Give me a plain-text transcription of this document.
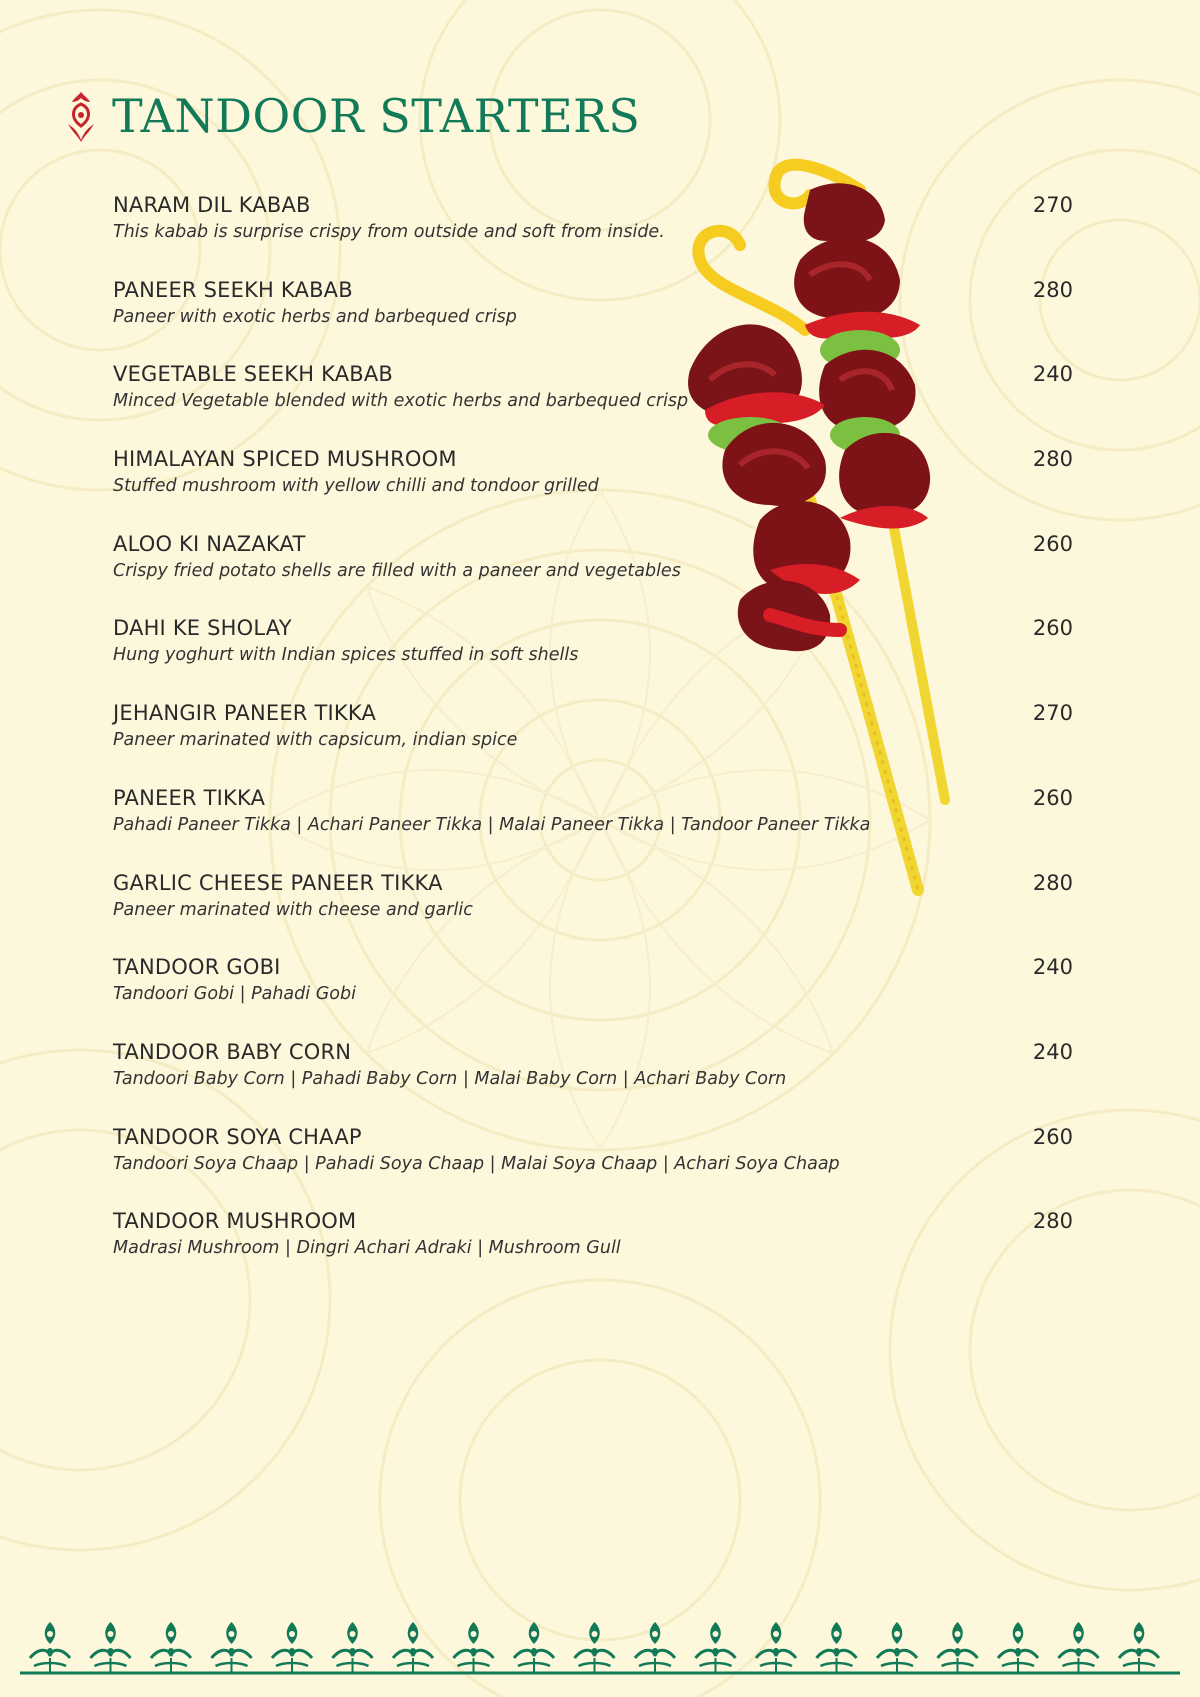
TANDOOR STARTERS
NARAM DIL KABAB
This kabab is surprise crispy from outside and soft from inside.
270
PANEER SEEKH KABAB
Paneer with exotic herbs and barbequed crisp
280
VEGETABLE SEEKH KABAB
Minced Vegetable blended with exotic herbs and barbequed crisp
240
HIMALAYAN SPICED MUSHROOM
Stuffed mushroom with yellow chilli and tondoor grilled
280
ALOO KI NAZAKAT
Crispy fried potato shells are filled with a paneer and vegetables
260
DAHI KE SHOLAY
Hung yoghurt with Indian spices stuffed in soft shells
260
JEHANGIR PANEER TIKKA
Paneer marinated with capsicum, indian spice
270
PANEER TIKKA
Pahadi Paneer Tikka | Achari Paneer Tikka | Malai Paneer Tikka | Tandoor Paneer Tikka
260
GARLIC CHEESE PANEER TIKKA
Paneer marinated with cheese and garlic
280
TANDOOR GOBI
Tandoori Gobi | Pahadi Gobi
240
TANDOOR BABY CORN
Tandoori Baby Corn | Pahadi Baby Corn | Malai Baby Corn | Achari Baby Corn
240
TANDOOR SOYA CHAAP
Tandoori Soya Chaap | Pahadi Soya Chaap | Malai Soya Chaap | Achari Soya Chaap
260
TANDOOR MUSHROOM
Madrasi Mushroom | Dingri Achari Adraki | Mushroom Gull
280
